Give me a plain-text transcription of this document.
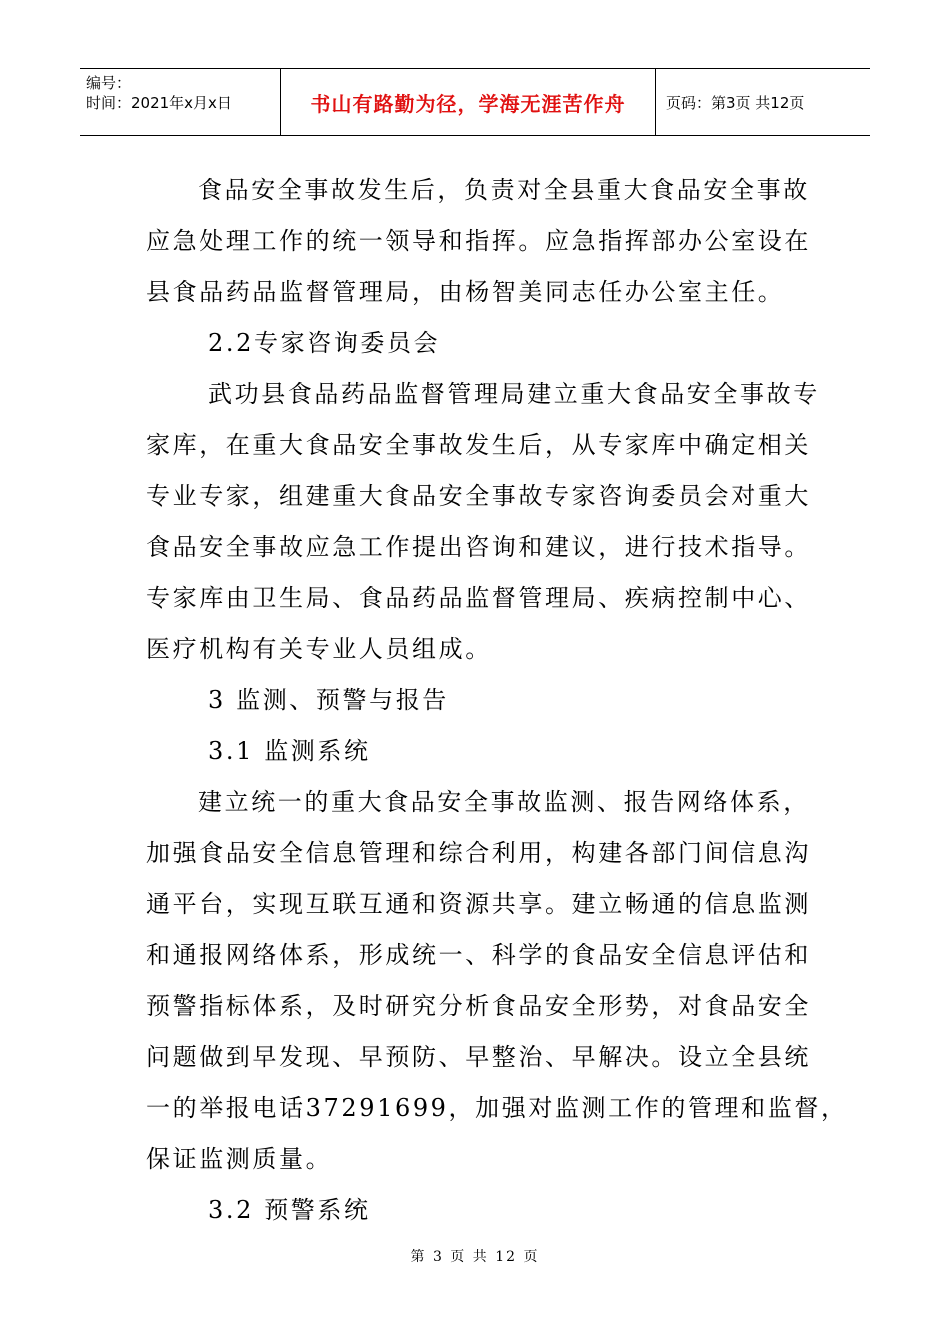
编号：
时间：2021年x月x日	书山有路勤为径，学海无涯苦作舟	页码：第3页 共12页

食品安全事故发生后，负责对全县重大食品安全事故

应急处理工作的统一领导和指挥。应急指挥部办公室设在

县食品药品监督管理局，由杨智美同志任办公室主任。

2.2专家咨询委员会

武功县食品药品监督管理局建立重大食品安全事故专

家库，在重大食品安全事故发生后，从专家库中确定相关

专业专家，组建重大食品安全事故专家咨询委员会对重大

食品安全事故应急工作提出咨询和建议，进行技术指导。

专家库由卫生局、食品药品监督管理局、疾病控制中心、

医疗机构有关专业人员组成。

3 监测、预警与报告

3.1 监测系统

建立统一的重大食品安全事故监测、报告网络体系，

加强食品安全信息管理和综合利用，构建各部门间信息沟

通平台，实现互联互通和资源共享。建立畅通的信息监测

和通报网络体系，形成统一、科学的食品安全信息评估和

预警指标体系，及时研究分析食品安全形势，对食品安全

问题做到早发现、早预防、早整治、早解决。设立全县统

一的举报电话37291699，加强对监测工作的管理和监督，

保证监测质量。

3.2 预警系统

第 3 页 共 12 页
